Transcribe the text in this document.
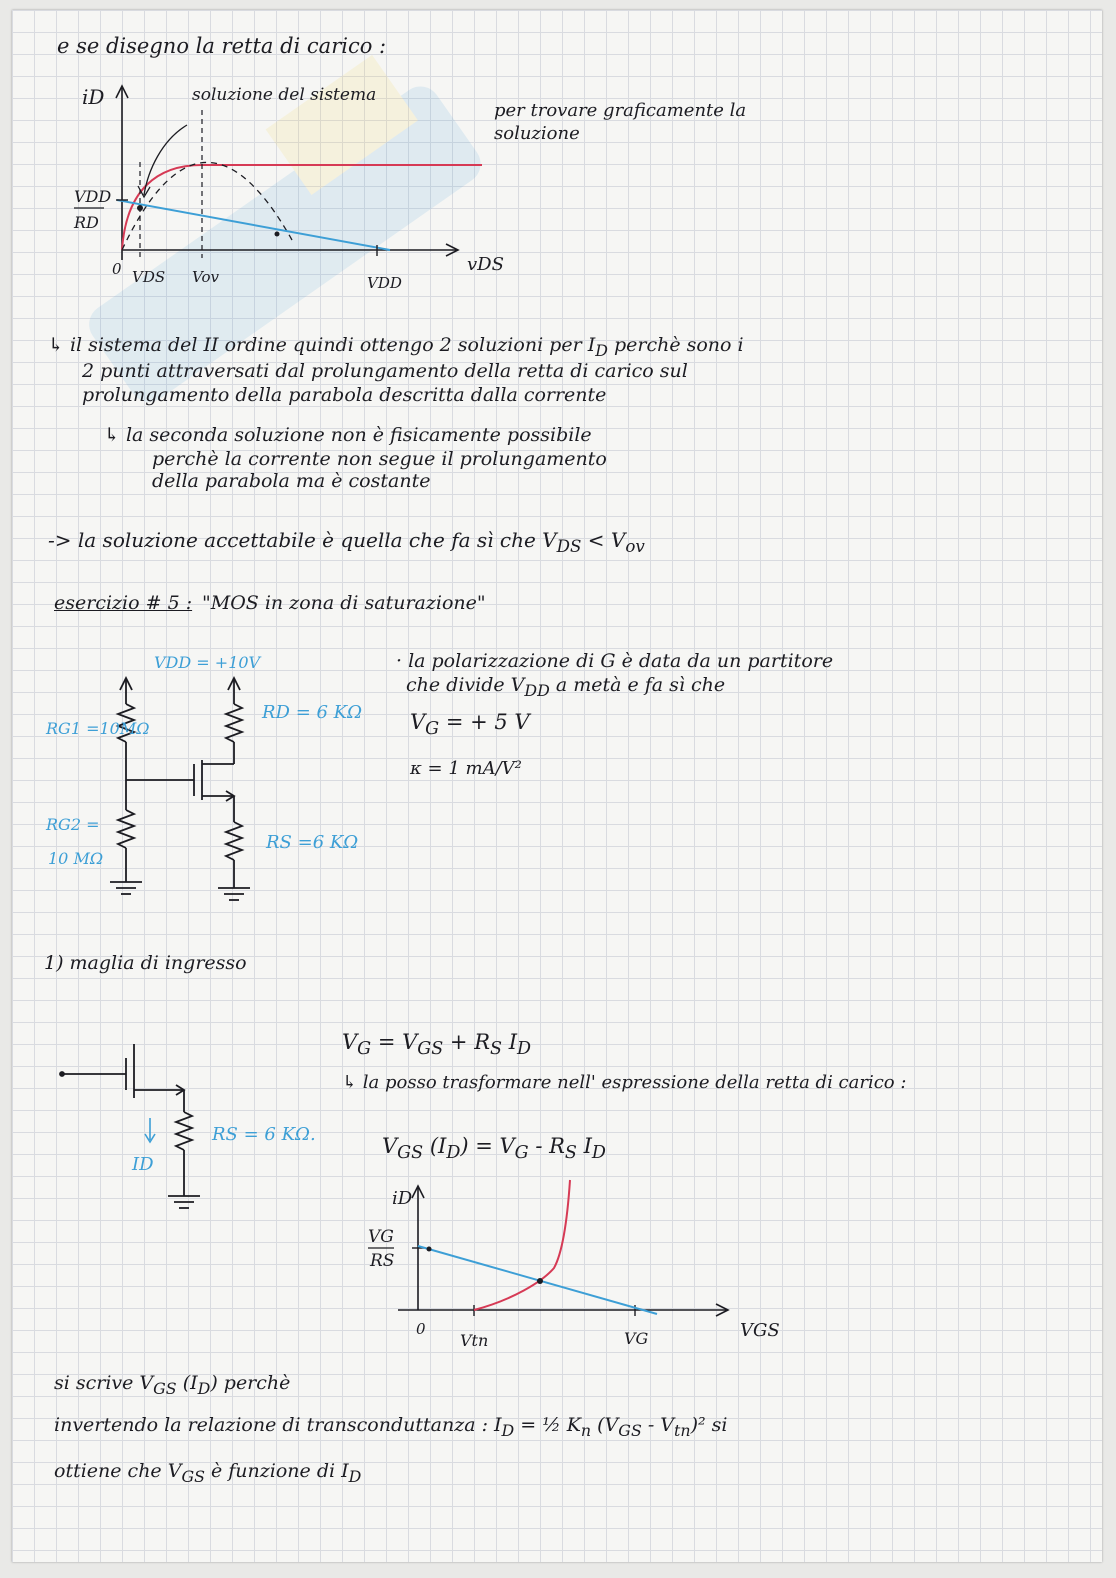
e se disegno la retta di carico :
iD	soluzione del sistema
VDD
RD
0 VDS Vov	VDD
vDS
per trovare graficamente la
soluzione
↳ il sistema del II ordine quindi ottengo 2 soluzioni per $I_D$ perchè sono i
2 punti attraversati dal prolungamento della retta di carico sul
prolungamento della parabola descritta dalla corrente
↳ la seconda soluzione non è fisicamente possibile
perchè la corrente non segue il prolungamento
della parabola ma è costante
-> la soluzione accettabile è quella che fa sì che $V_{DS} < V_{ov}$
esercizio # 5 : "MOS in zona di saturazione"
VDD = +10V
RG1 =10MΩ
RG2 =
10 MΩ
RD = 6 KΩ
RS =6 KΩ
· la polarizzazione di G è data da un partitore
che divide $V_{DD}$ a metà e fa sì che
$V_G$ = + 5 V
κ = 1 mA/V²
1) maglia di ingresso
RS = 6 KΩ.
ID
$V_G = V_{GS} + R_S$ $I_D$
↳ la posso trasformare nell' espressione della retta di carico :
$V_{GS}$ $(I_D) = V_G - R_S$ $I_D$
iD
VG
RS
0
Vtn	VG	VGS
si scrive $V_{GS}$ $(I_D)$ perchè
invertendo la relazione di transconduttanza : $I_D$ = ½ $K_n$ $(V_{GS} - V_{tn})^2$ si
ottiene che $V_{GS}$ è funzione di $I_D$
